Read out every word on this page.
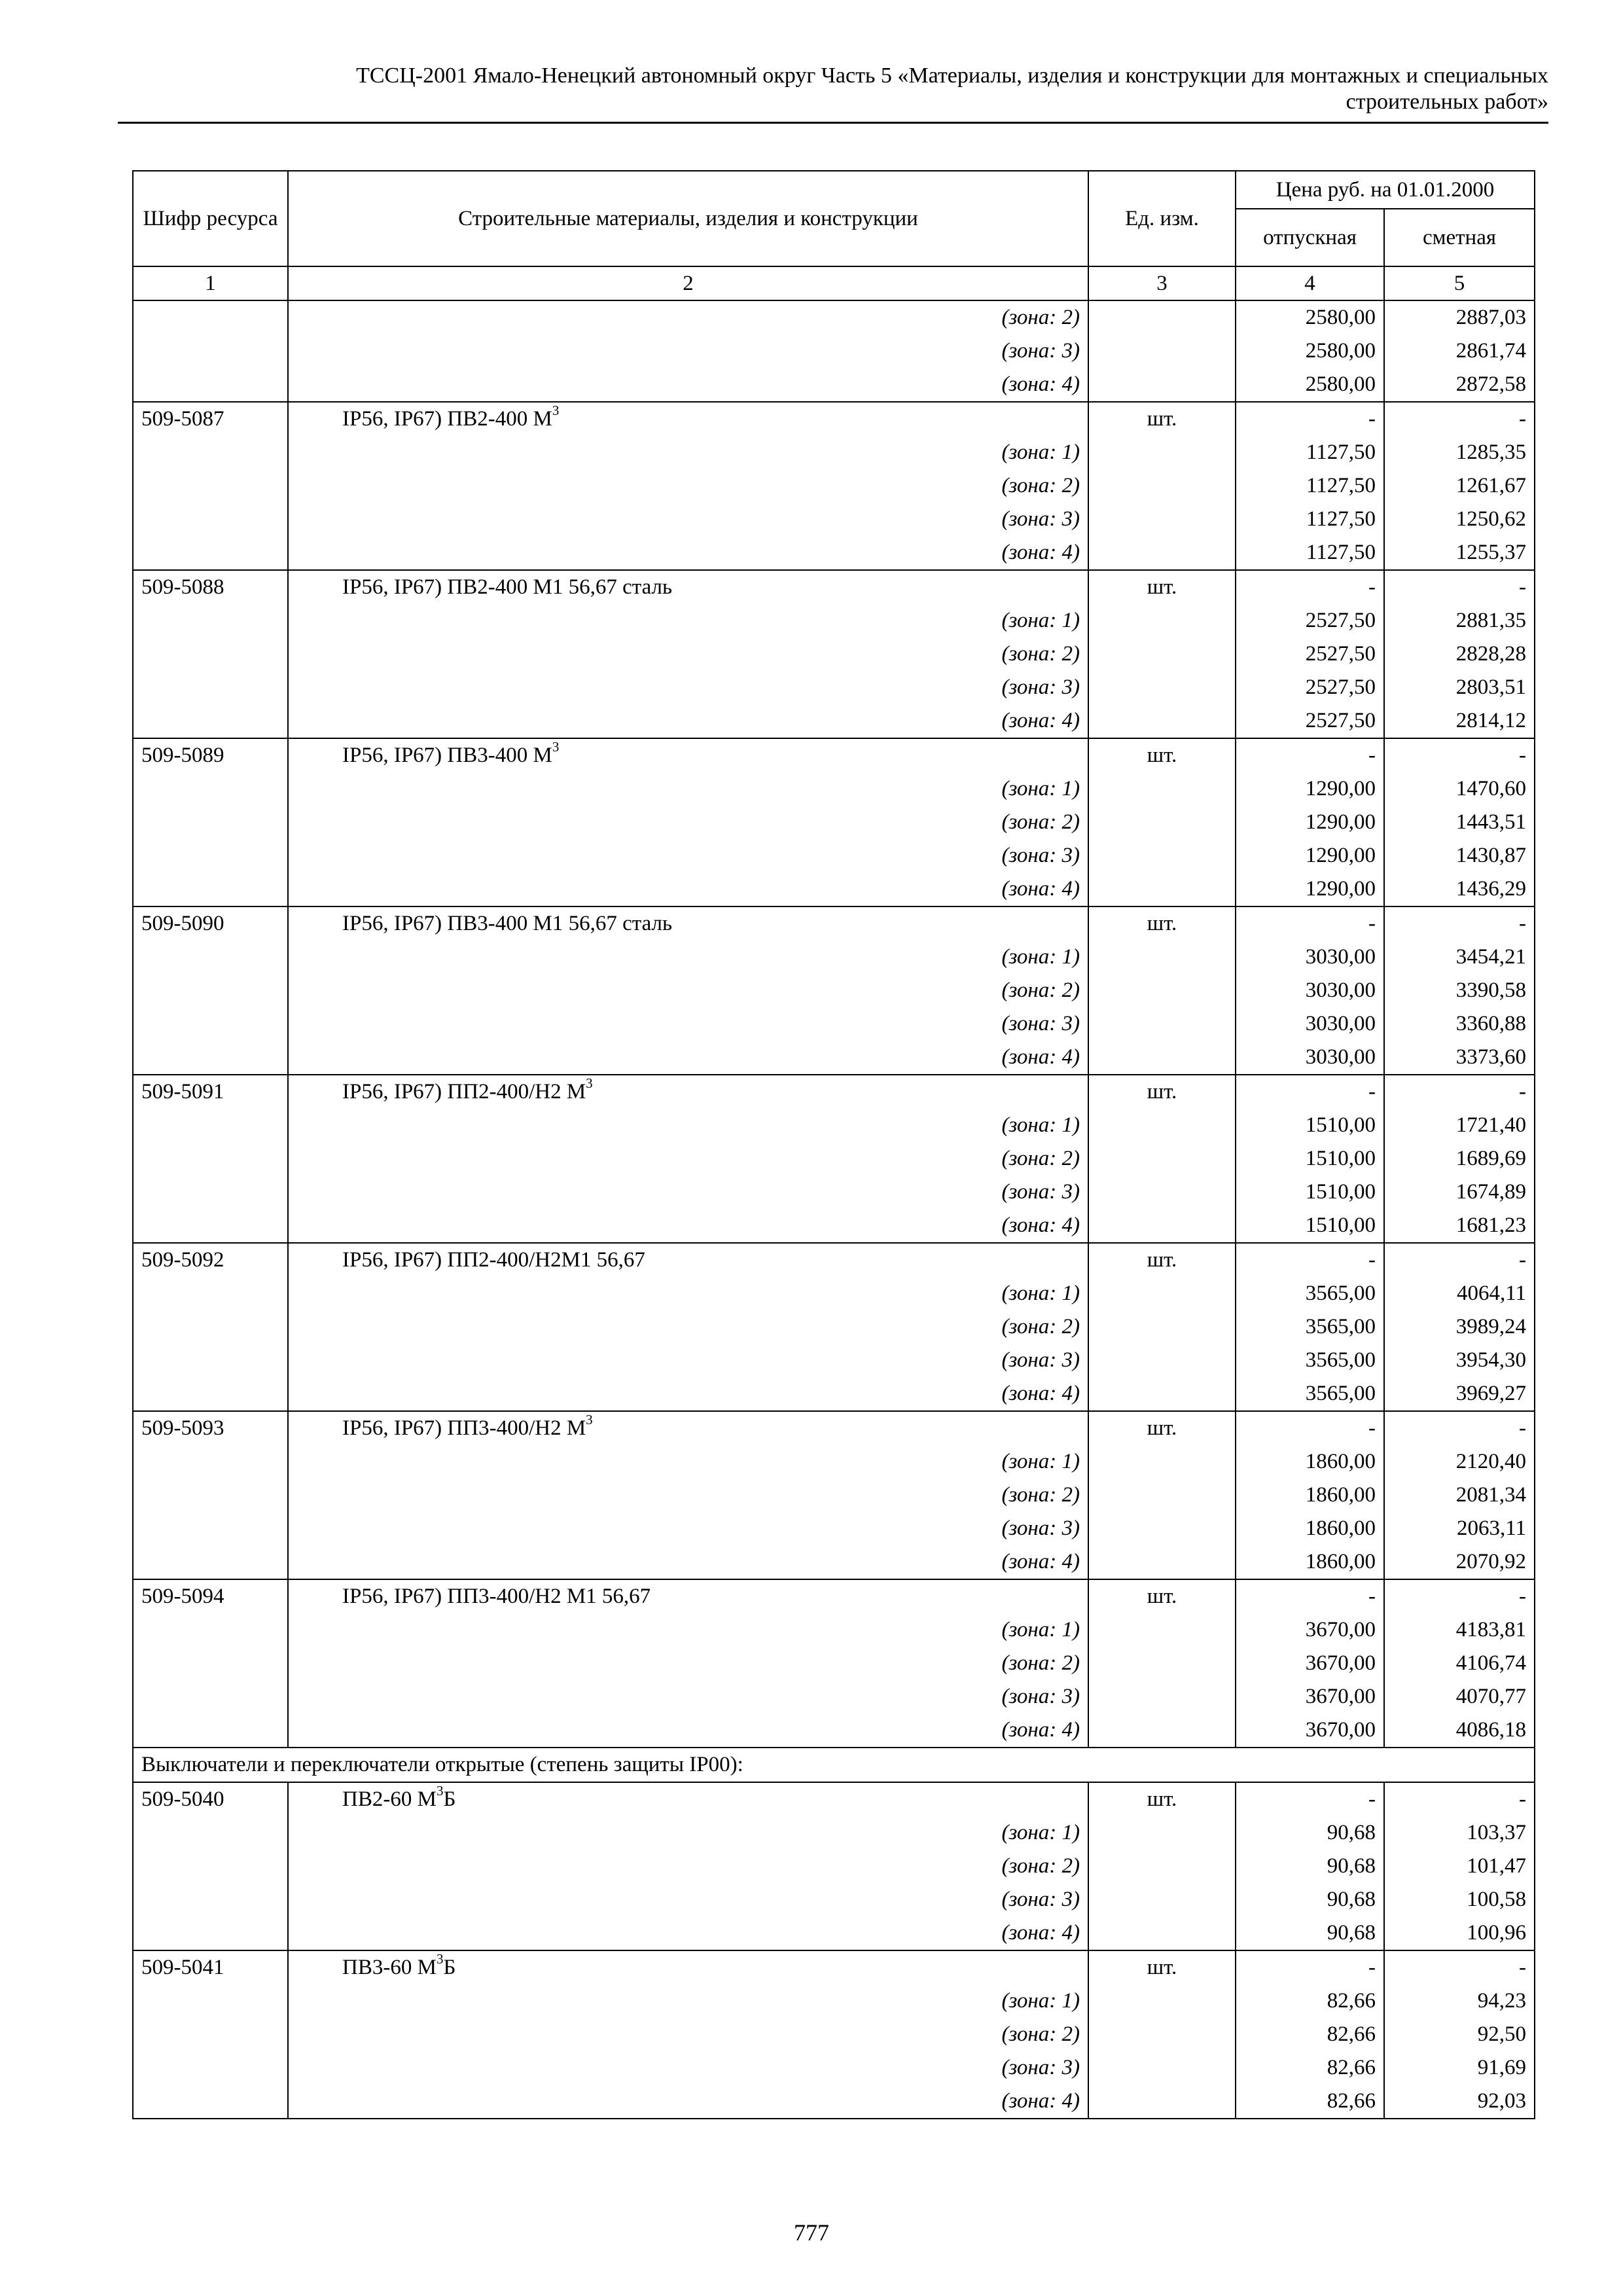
ТССЦ-2001 Ямало-Ненецкий автономный округ Часть 5 «Материалы, изделия и конструкции для монтажных и специальных
строительных работ»
Шифр ресурса	Строительные материалы, изделия и конструкции	Ед. изм.	Цена руб. на 01.01.2000	
			отпускная	сметная
1	2	3	4	5
	(зона: 2)		2580,00	2887,03
	(зона: 3)		2580,00	2861,74
	(зона: 4)		2580,00	2872,58
509-5087	IP56, IP67) ПВ2-400 $М^3$	шт.	-	-
	(зона: 1)		1127,50	1285,35
	(зона: 2)		1127,50	1261,67
	(зона: 3)		1127,50	1250,62
	(зона: 4)		1127,50	1255,37
509-5088	IP56, IP67) ПВ2-400 М1 56,67 сталь	шт.	-	-
	(зона: 1)		2527,50	2881,35
	(зона: 2)		2527,50	2828,28
	(зона: 3)		2527,50	2803,51
	(зона: 4)		2527,50	2814,12
509-5089	IP56, IP67) ПВ3-400 $М^3$	шт.	-	-
	(зона: 1)		1290,00	1470,60
	(зона: 2)		1290,00	1443,51
	(зона: 3)		1290,00	1430,87
	(зона: 4)		1290,00	1436,29
509-5090	IP56, IP67) ПВ3-400 М1 56,67 сталь	шт.	-	-
	(зона: 1)		3030,00	3454,21
	(зона: 2)		3030,00	3390,58
	(зона: 3)		3030,00	3360,88
	(зона: 4)		3030,00	3373,60
509-5091	IP56, IP67) ПП2-400/Н2 $М^3$	шт.	-	-
	(зона: 1)		1510,00	1721,40
	(зона: 2)		1510,00	1689,69
	(зона: 3)		1510,00	1674,89
	(зона: 4)		1510,00	1681,23
509-5092	IP56, IP67) ПП2-400/Н2М1 56,67	шт.	-	-
	(зона: 1)		3565,00	4064,11
	(зона: 2)		3565,00	3989,24
	(зона: 3)		3565,00	3954,30
	(зона: 4)		3565,00	3969,27
509-5093	IP56, IP67) ПП3-400/Н2 $М^3$	шт.	-	-
	(зона: 1)		1860,00	2120,40
	(зона: 2)		1860,00	2081,34
	(зона: 3)		1860,00	2063,11
	(зона: 4)		1860,00	2070,92
509-5094	IP56, IP67) ПП3-400/Н2 М1 56,67	шт.	-	-
	(зона: 1)		3670,00	4183,81
	(зона: 2)		3670,00	4106,74
	(зона: 3)		3670,00	4070,77
	(зона: 4)		3670,00	4086,18
Выключатели и переключатели открытые (степень защиты IP00):				
509-5040	ПВ2-60 $М^3Б$	шт.	-	-
	(зона: 1)		90,68	103,37
	(зона: 2)		90,68	101,47
	(зона: 3)		90,68	100,58
	(зона: 4)		90,68	100,96
509-5041	ПВ3-60 $М^3Б$	шт.	-	-
	(зона: 1)		82,66	94,23
	(зона: 2)		82,66	92,50
	(зона: 3)		82,66	91,69
	(зона: 4)		82,66	92,03
777
